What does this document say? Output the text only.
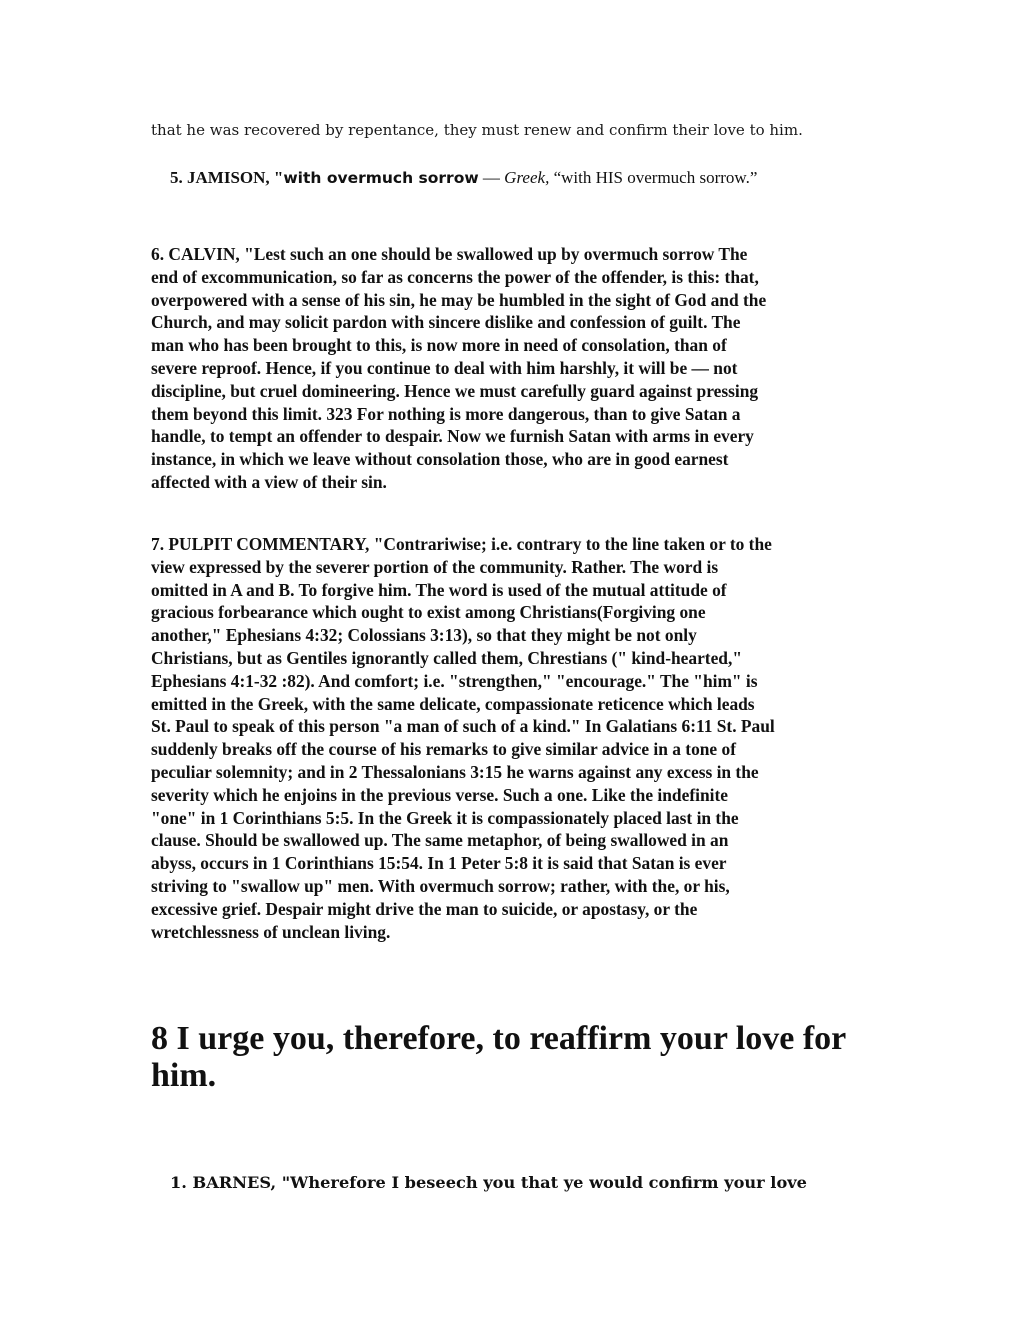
that he was recovered by repentance, they must renew and confirm their love to him.
5. JAMISON, "with overmuch sorrow — Greek, “with HIS overmuch sorrow.”

6. CALVIN, "Lest such an one should be swallowed up by overmuch sorrow The

end of excommunication, so far as concerns the power of the offender, is this: that,

overpowered with a sense of his sin, he may be humbled in the sight of God and the

Church, and may solicit pardon with sincere dislike and confession of guilt. The

man who has been brought to this, is now more in need of consolation, than of

severe reproof. Hence, if you continue to deal with him harshly, it will be — not

discipline, but cruel domineering. Hence we must carefully guard against pressing

them beyond this limit. 323 For nothing is more dangerous, than to give Satan a

handle, to tempt an offender to despair. Now we furnish Satan with arms in every

instance, in which we leave without consolation those, who are in good earnest

affected with a view of their sin.

7. PULPIT COMMENTARY, "Contrariwise; i.e. contrary to the line taken or to the

view expressed by the severer portion of the community. Rather. The word is

omitted in A and B. To forgive him. The word is used of the mutual attitude of

gracious forbearance which ought to exist among Christians(Forgiving one

another," Ephesians 4:32; Colossians 3:13), so that they might be not only

Christians, but as Gentiles ignorantly called them, Chrestians (" kind-hearted,"

Ephesians 4:1-32 :82). And comfort; i.e. "strengthen," "encourage." The "him" is

emitted in the Greek, with the same delicate, compassionate reticence which leads

St. Paul to speak of this person "a man of such of a kind." In Galatians 6:11 St. Paul

suddenly breaks off the course of his remarks to give similar advice in a tone of

peculiar solemnity; and in 2 Thessalonians 3:15 he warns against any excess in the

severity which he enjoins in the previous verse. Such a one. Like the indefinite

"one" in 1 Corinthians 5:5. In the Greek it is compassionately placed last in the

clause. Should be swallowed up. The same metaphor, of being swallowed in an

abyss, occurs in 1 Corinthians 15:54. In 1 Peter 5:8 it is said that Satan is ever

striving to "swallow up" men. With overmuch sorrow; rather, with the, or his,

excessive grief. Despair might drive the man to suicide, or apostasy, or the

wretchlessness of unclean living.

8 I urge you, therefore, to reaffirm your love for

him.

1. BARNES, "Wherefore I beseech you that ye would confirm your love
